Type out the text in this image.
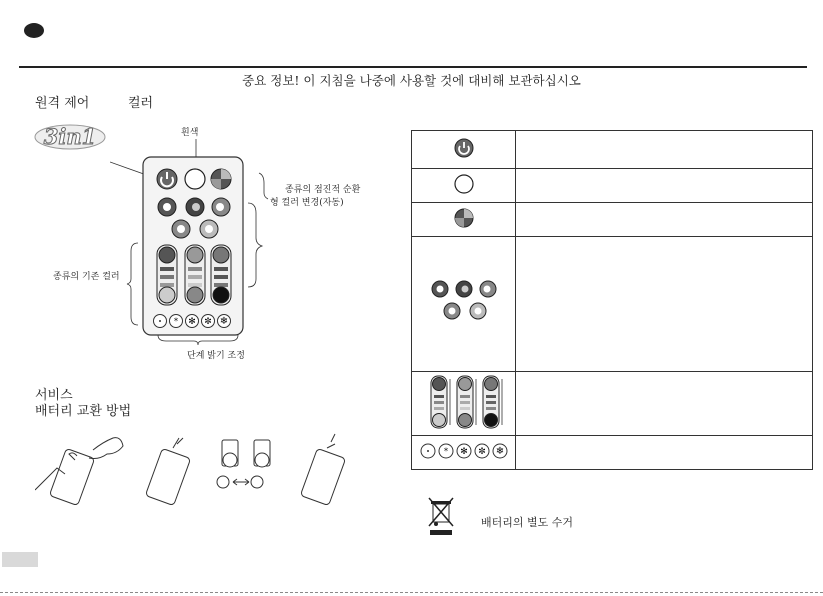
중요 정보! 이 지침을 나중에 사용할 것에 대비해 보관하십시오
원격 제어	컬러
3in1	흰색
종류의 점진적 순환
형 컬러 변경(자동)
종류의 기존 컬러
단계 밝기 조정
* ✻ ✼ ❄

* ✻ ✼ ❄	

서비스
배터리 교환 방법
배터리의 별도 수거
